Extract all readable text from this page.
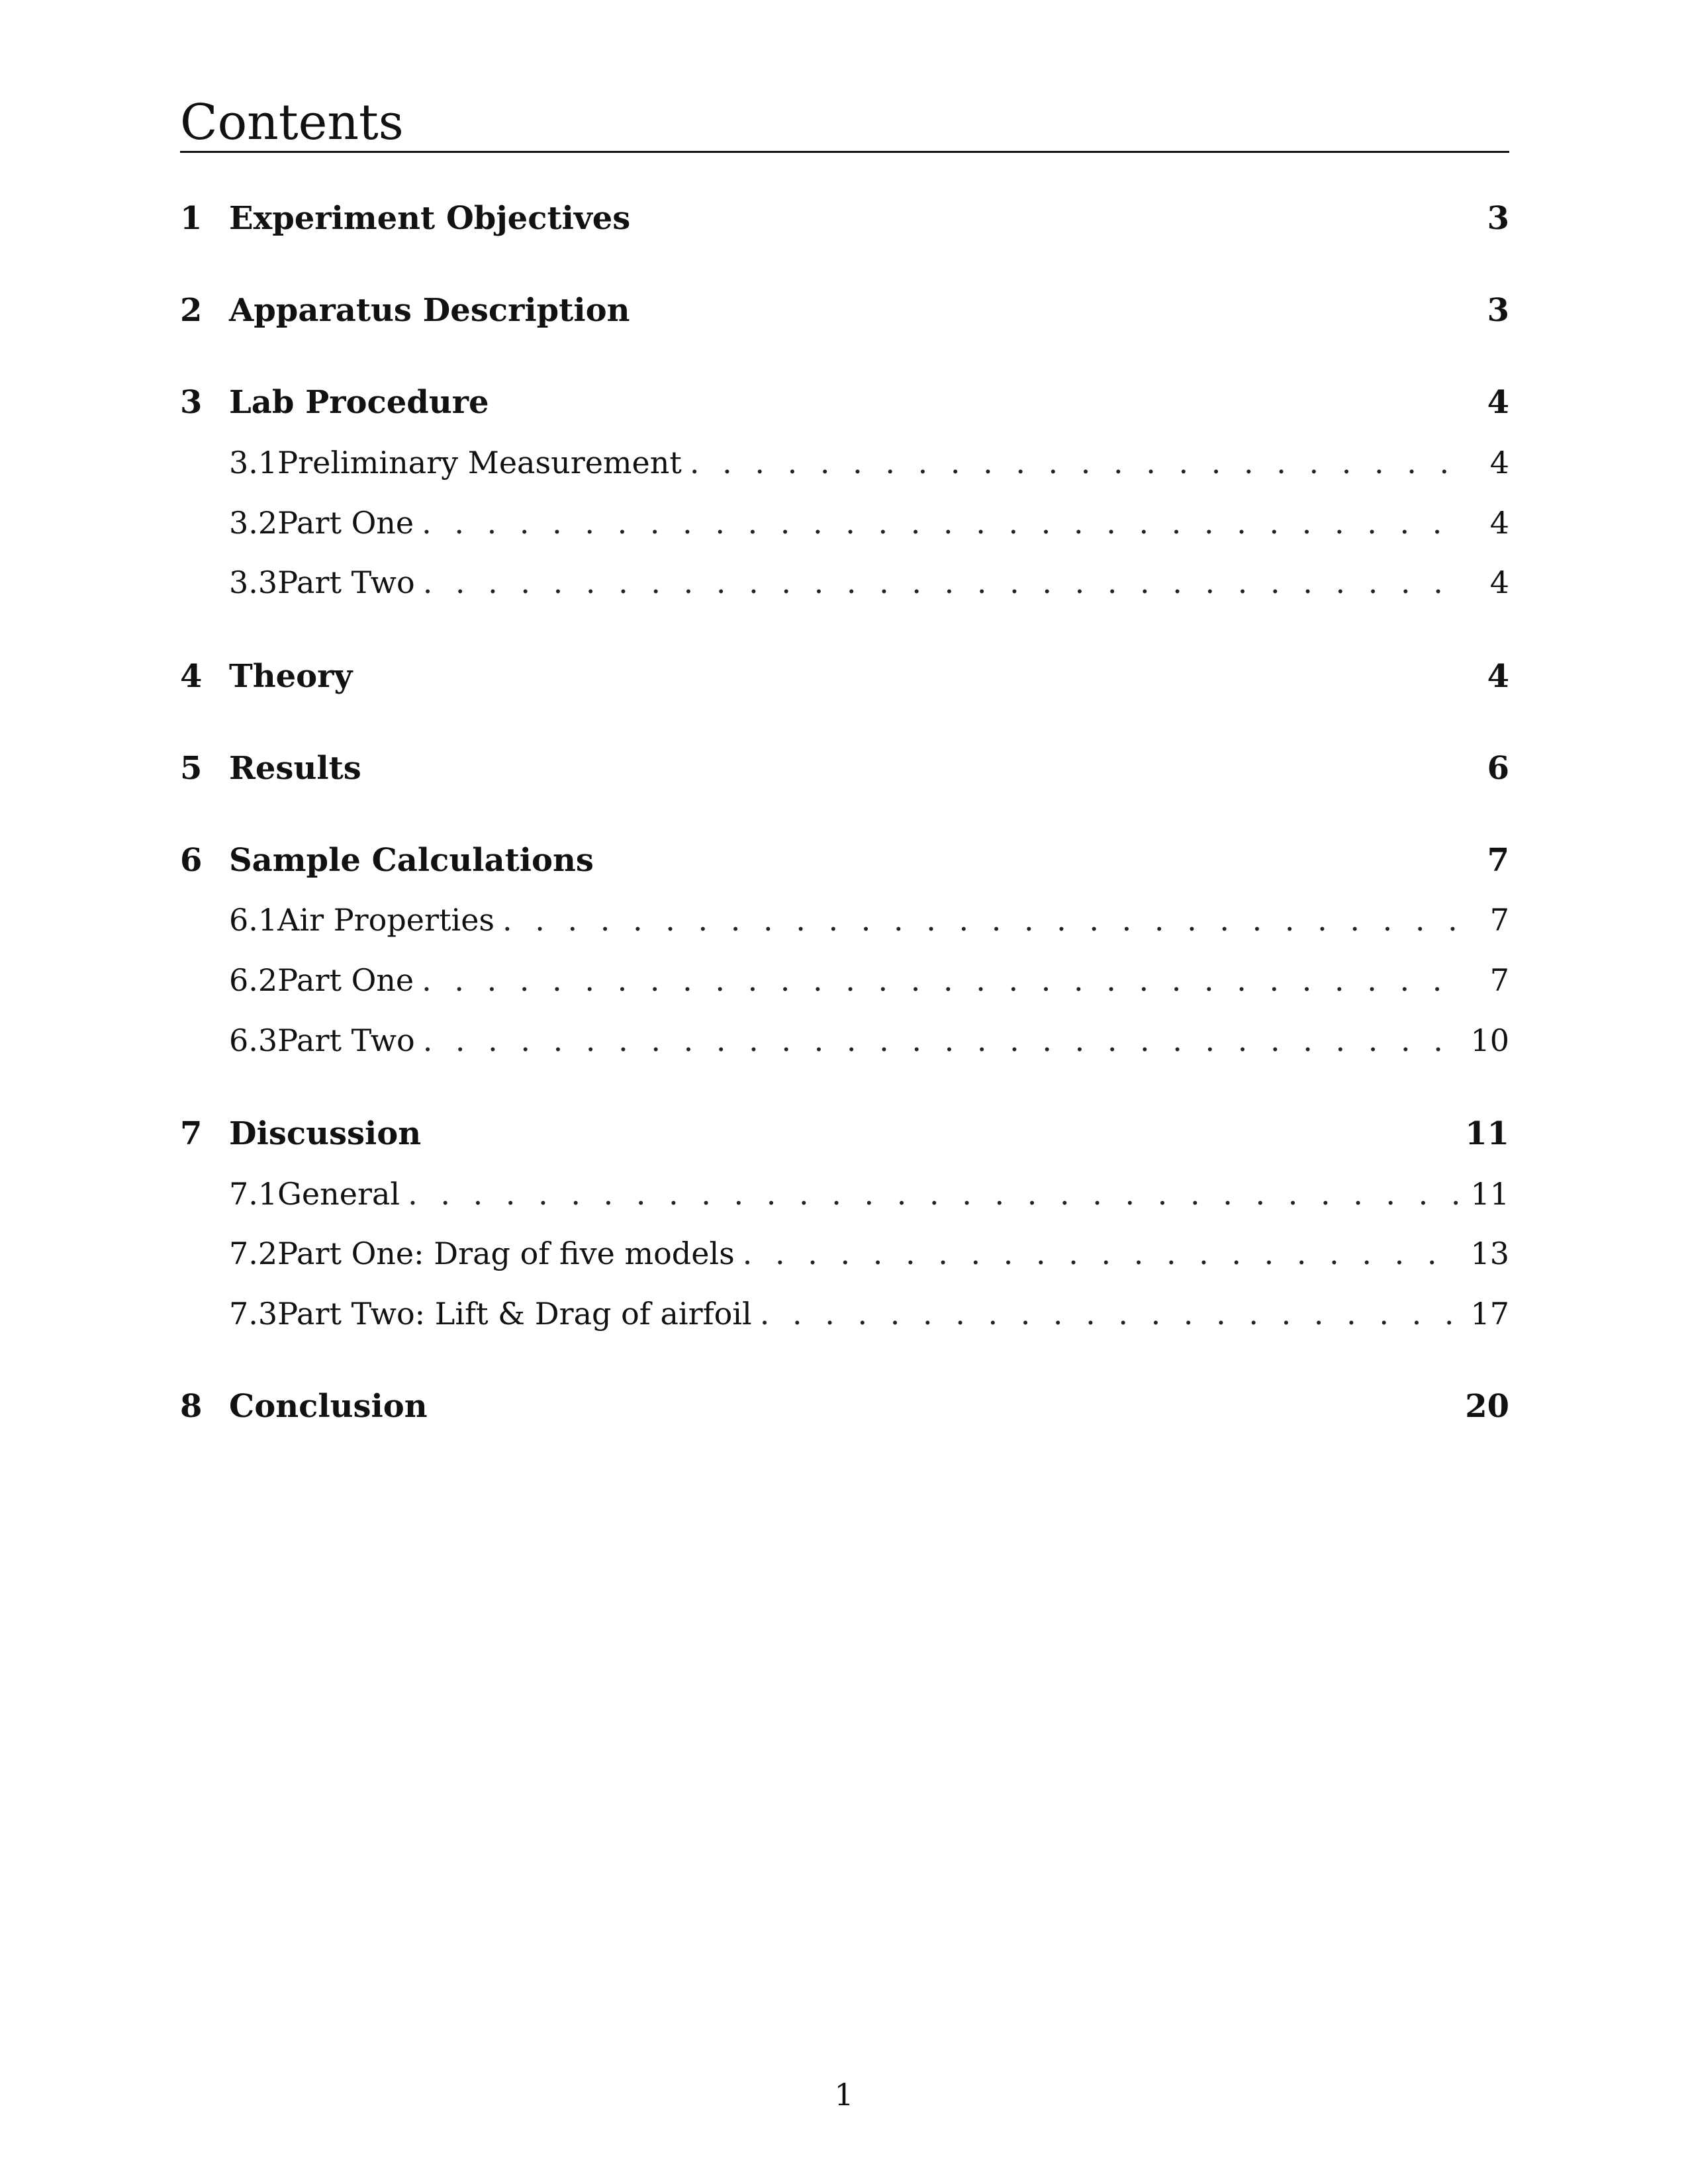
Contents
1 Experiment Objectives	3
2 Apparatus Description	3
3 Lab Procedure	4
3.1 Preliminary Measurement . . .	4
3.2 Part One . . .	4
3.3 Part Two . . .	4
4 Theory	4
5 Results	6
6 Sample Calculations	7
6.1 Air Properties . . .	7
6.2 Part One . . .	7
6.3 Part Two . . .	10
7 Discussion	11
7.1 General . . .	11
7.2 Part One: Drag of five models . . .	13
7.3 Part Two: Lift & Drag of airfoil . . .	17
8 Conclusion	20
1
